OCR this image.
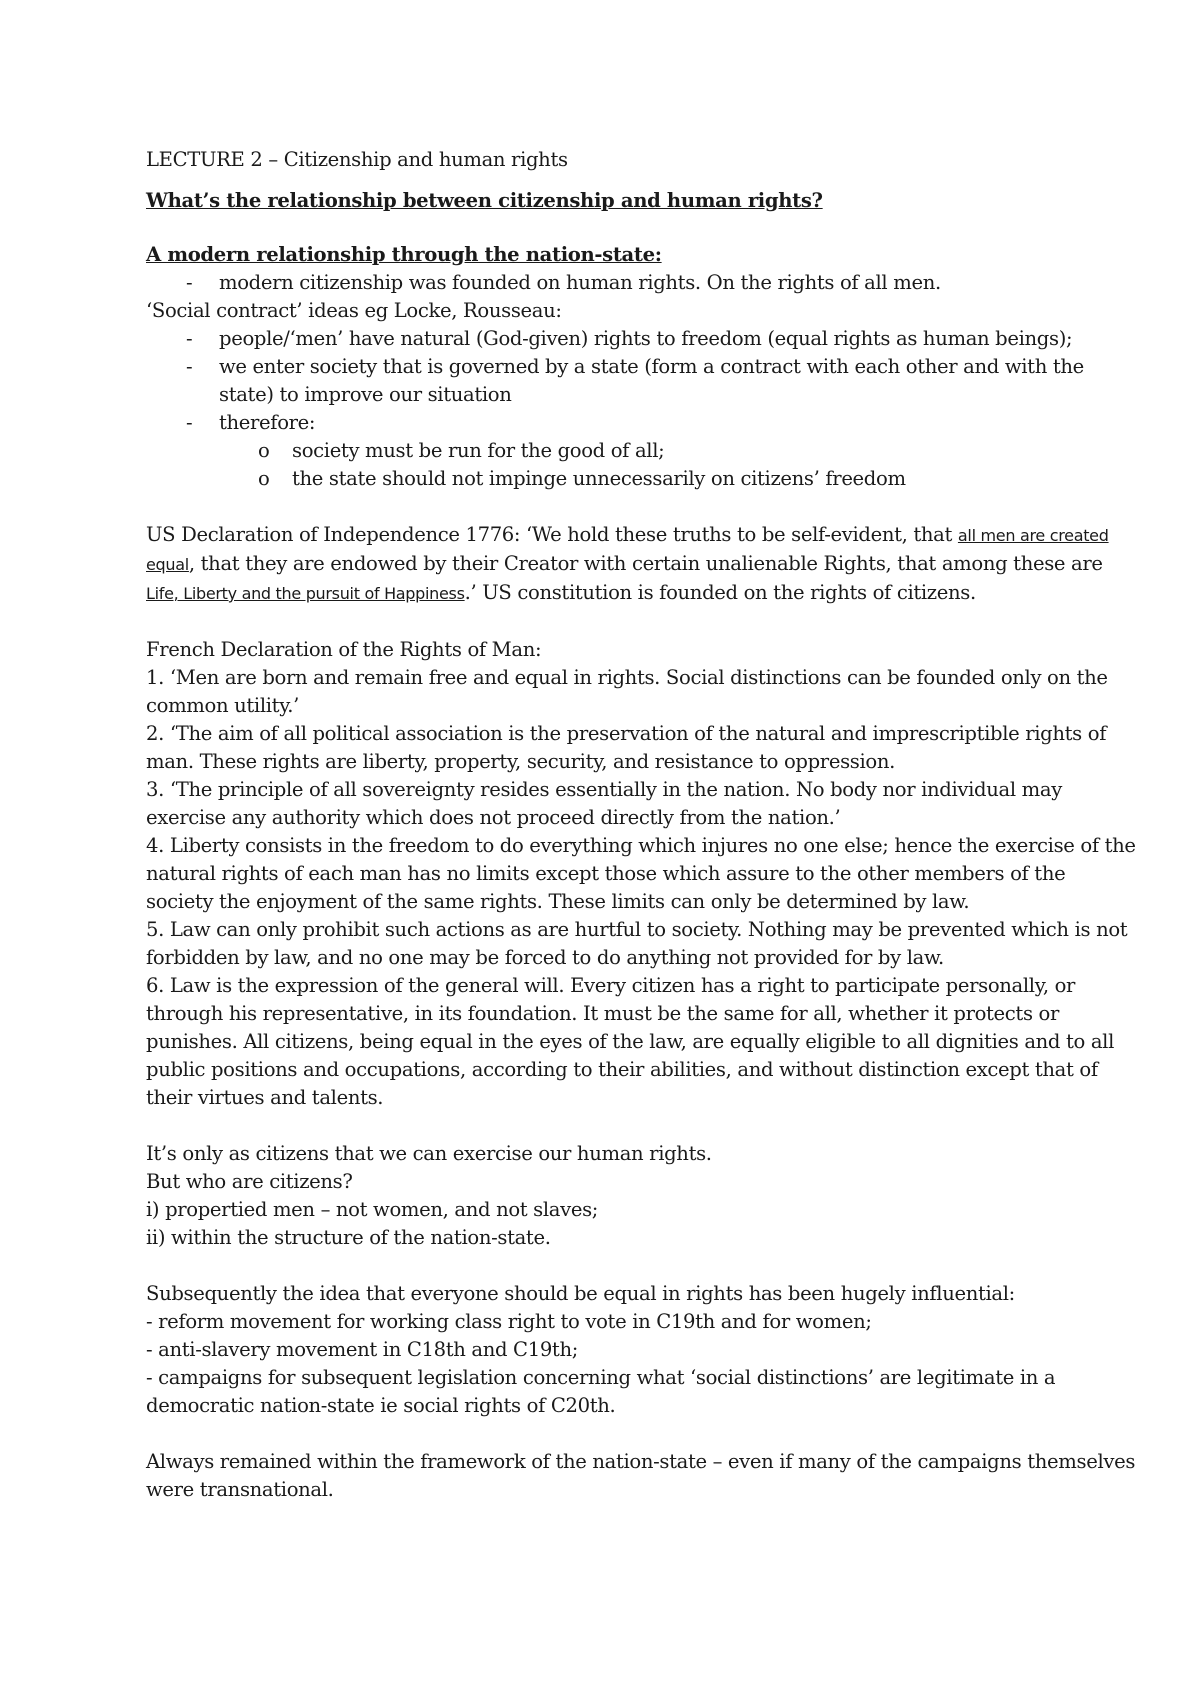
LECTURE 2 – Citizenship and human rights

What’s the relationship between citizenship and human rights?

A modern relationship through the nation-state:

- modern citizenship was founded on human rights. On the rights of all men.

‘Social contract’ ideas eg Locke, Rousseau:

- people/‘men’ have natural (God-given) rights to freedom (equal rights as human beings);
- we enter society that is governed by a state (form a contract with each other and with the state) to improve our situation
- therefore:
o society must be run for the good of all;
o the state should not impinge unnecessarily on citizens’ freedom

US Declaration of Independence 1776: ‘We hold these truths to be self-evident, that all men are created equal, that they are endowed by their Creator with certain unalienable Rights, that among these are Life, Liberty and the pursuit of Happiness.’ US constitution is founded on the rights of citizens.

French Declaration of the Rights of Man:

1. ‘Men are born and remain free and equal in rights. Social distinctions can be founded only on the common utility.’

2. ‘The aim of all political association is the preservation of the natural and imprescriptible rights of man. These rights are liberty, property, security, and resistance to oppression.

3. ‘The principle of all sovereignty resides essentially in the nation. No body nor individual may exercise any authority which does not proceed directly from the nation.’

4. Liberty consists in the freedom to do everything which injures no one else; hence the exercise of the natural rights of each man has no limits except those which assure to the other members of the society the enjoyment of the same rights. These limits can only be determined by law.

5. Law can only prohibit such actions as are hurtful to society. Nothing may be prevented which is not forbidden by law, and no one may be forced to do anything not provided for by law.

6. Law is the expression of the general will. Every citizen has a right to participate personally, or through his representative, in its foundation. It must be the same for all, whether it protects or punishes. All citizens, being equal in the eyes of the law, are equally eligible to all dignities and to all public positions and occupations, according to their abilities, and without distinction except that of their virtues and talents.

It’s only as citizens that we can exercise our human rights.

But who are citizens?

i) propertied men – not women, and not slaves;

ii) within the structure of the nation-state.

Subsequently the idea that everyone should be equal in rights has been hugely influential:

- reform movement for working class right to vote in C19th and for women;

- anti-slavery movement in C18th and C19th;

- campaigns for subsequent legislation concerning what ‘social distinctions’ are legitimate in a democratic nation-state ie social rights of C20th.

Always remained within the framework of the nation-state – even if many of the campaigns themselves were transnational.
